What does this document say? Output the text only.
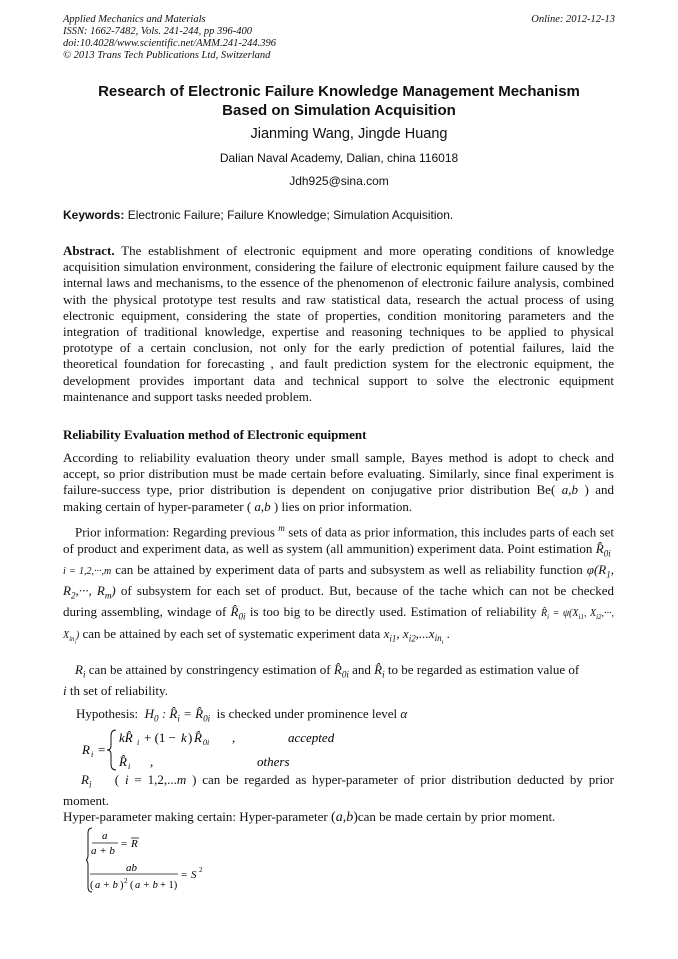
Applied Mechanics and Materials
ISSN: 1662-7482, Vols. 241-244, pp 396-400
doi:10.4028/www.scientific.net/AMM.241-244.396
© 2013 Trans Tech Publications Ltd, Switzerland
Online: 2012-12-13
Research of Electronic Failure Knowledge Management Mechanism
Based on Simulation Acquisition
Jianming Wang, Jingde Huang
Dalian Naval Academy, Dalian, china 116018
Jdh925@sina.com
Keywords: Electronic Failure; Failure Knowledge; Simulation Acquisition.
Abstract. The establishment of electronic equipment and more operating conditions of knowledge acquisition simulation environment, considering the failure of electronic equipment failure caused by the internal laws and mechanisms, to the essence of the phenomenon of electronic failure analysis, combined with the physical prototype test results and raw statistical data, research the actual process of using electronic equipment, considering the state of properties, condition monitoring parameters and the integration of traditional knowledge, expertise and reasoning techniques to be applied to physical prototype of a certain conclusion, not only for the early prediction of potential failures, laid the theoretical foundation for forecasting , and fault prediction system for the electronic equipment, the development provides important data and technical support to solve the electronic equipment maintenance and support tasks needed problem.
Reliability Evaluation method of Electronic equipment
According to reliability evaluation theory under small sample, Bayes method is adopt to check and accept, so prior distribution must be made certain before evaluating. Similarly, since final experiment is failure-success type, prior distribution is dependent on conjugative prior distribution Be( a,b ) and making certain of hyper-parameter ( a,b ) lies on prior information.
Prior information: Regarding previous $^m$ sets of data as prior information, this includes parts of each set of product and experiment data, as well as system (all ammunition) experiment data. Point estimation $R̂_{0i}$  i = 1,2,···,m can be attained by experiment data of parts and subsystem as well as reliability function $\varphi(R_1$, $R_2,\cdot\cdot\cdot$, $R_m$) of subsystem for each set of product. But, because of the tache which can not be checked during assembling, windage of $R̂_{0i}$ is too big to be directly used. Estimation of reliability $R̂_i = \psi(X_{i1}$, $X_{i2},\cdot\cdot\cdot$, $X_{in_i}$) can be attained by each set of systematic experiment data $x_{i1}$, $x_{i2},...x_{in_i}$ .
$R_i$ can be attained by constringency estimation of $R̂_{0i}$ and $R̂_i$ to be regarded as estimation value of
i th set of reliability.
Hypothesis:  $H_0$ : $R̂_i$ = $R̂_{0i}$ is checked under prominence level α
R i =
kR̂ i + (1 − k ) R̂ 0i ,	accepted
R̂ i ,	others
$R_i$    ( i = 1,2,...m ) can be regarded as hyper-parameter of prior distribution deducted by prior moment.
Hyper-parameter making certain: Hyper-parameter (a,b)can be made certain by prior moment.
a
a + b
= R
ab
( a + b ) 2 ( a + b + 1)
= S 2
